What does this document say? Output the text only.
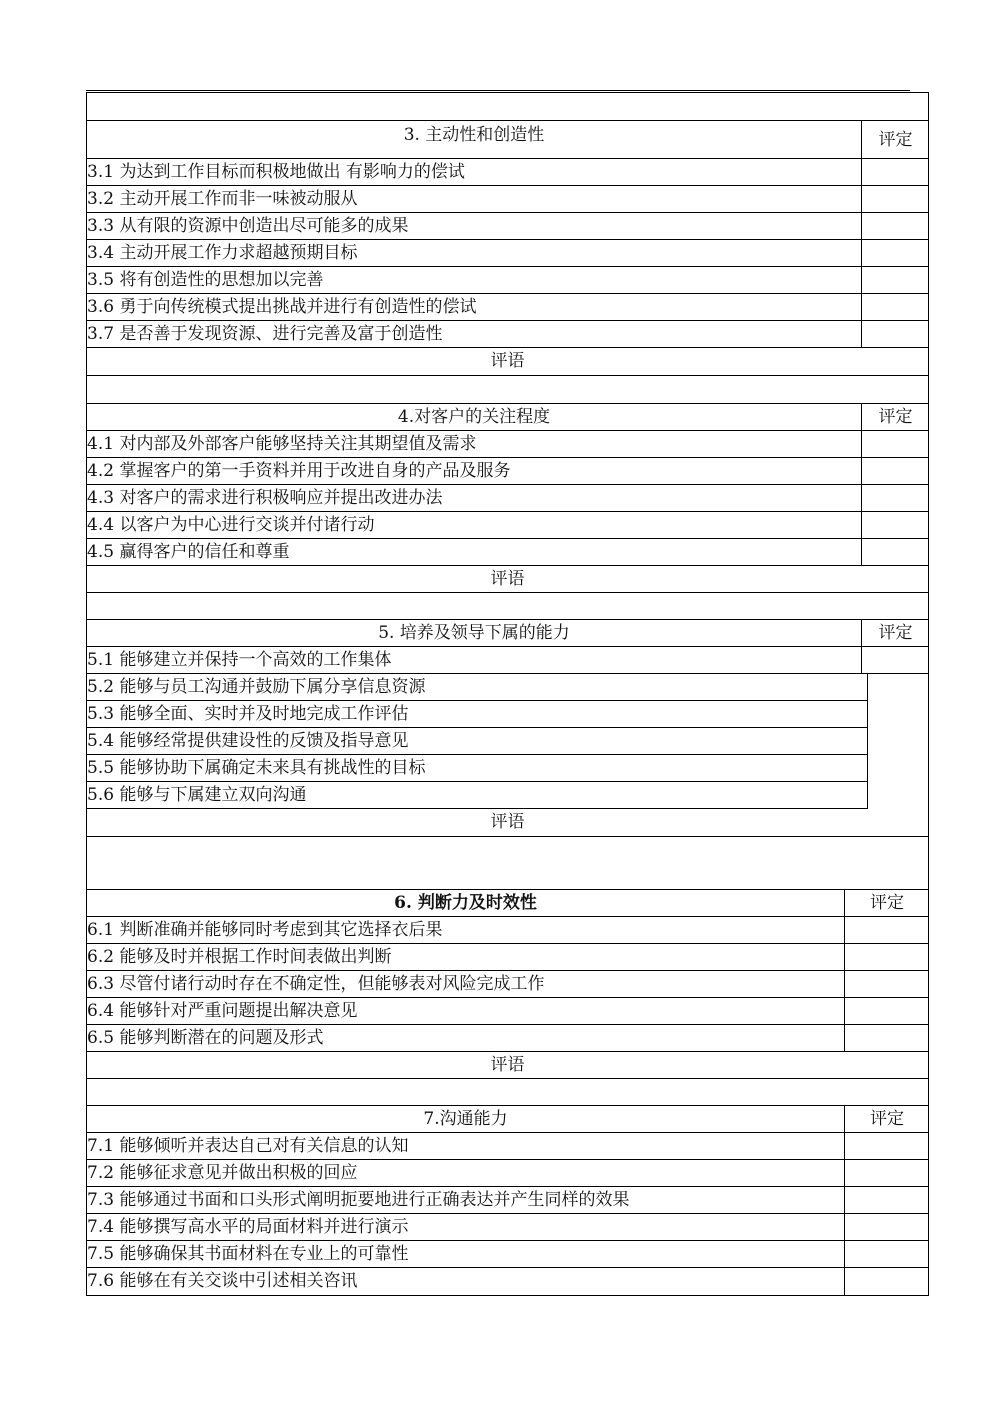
3. 主动性和创造性	评定
3.1 为达到工作目标而积极地做出 有影响力的偿试
3.2 主动开展工作而非一味被动服从
3.3 从有限的资源中创造出尽可能多的成果
3.4 主动开展工作力求超越预期目标
3.5 将有创造性的思想加以完善
3.6 勇于向传统模式提出挑战并进行有创造性的偿试
3.7 是否善于发现资源、进行完善及富于创造性
评语
4.对客户的关注程度	评定
4.1 对内部及外部客户能够坚持关注其期望值及需求
4.2 掌握客户的第一手资料并用于改进自身的产品及服务
4.3 对客户的需求进行积极响应并提出改进办法
4.4 以客户为中心进行交谈并付诸行动
4.5 赢得客户的信任和尊重
评语
5. 培养及领导下属的能力	评定
5.1 能够建立并保持一个高效的工作集体
5.2 能够与员工沟通并鼓励下属分享信息资源
5.3 能够全面、实时并及时地完成工作评估
5.4 能够经常提供建设性的反馈及指导意见
5.5 能够协助下属确定未来具有挑战性的目标
5.6 能够与下属建立双向沟通
评语
6. 判断力及时效性	评定
6.1 判断准确并能够同时考虑到其它选择衣后果
6.2 能够及时并根据工作时间表做出判断
6.3 尽管付诸行动时存在不确定性，但能够表对风险完成工作
6.4 能够针对严重问题提出解决意见
6.5 能够判断潜在的问题及形式
评语
7.沟通能力	评定
7.1 能够倾听并表达自己对有关信息的认知
7.2 能够征求意见并做出积极的回应
7.3 能够通过书面和口头形式阐明扼要地进行正确表达并产生同样的效果
7.4 能够撰写高水平的局面材料并进行演示
7.5 能够确保其书面材料在专业上的可靠性
7.6 能够在有关交谈中引述相关咨讯
